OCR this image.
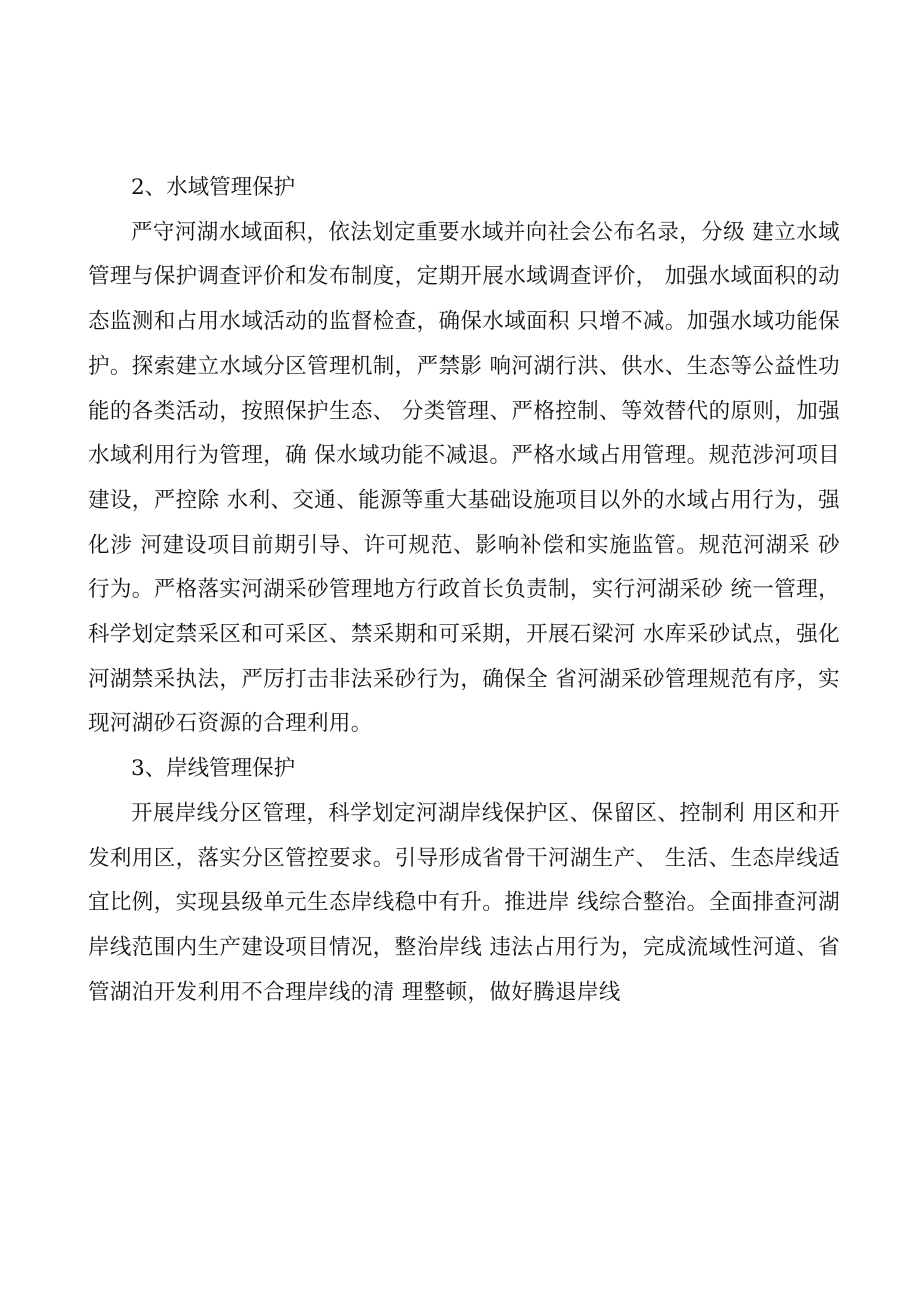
2、水域管理保护

严守河湖水域面积，依法划定重要水域并向社会公布名录，分级 建立水域管理与保护调查评价和发布制度，定期开展水域调查评价， 加强水域面积的动态监测和占用水域活动的监督检查，确保水域面积 只增不减。加强水域功能保护。探索建立水域分区管理机制，严禁影 响河湖行洪、供水、生态等公益性功能的各类活动，按照保护生态、 分类管理、严格控制、等效替代的原则，加强水域利用行为管理，确 保水域功能不减退。严格水域占用管理。规范涉河项目建设，严控除 水利、交通、能源等重大基础设施项目以外的水域占用行为，强化涉 河建设项目前期引导、许可规范、影响补偿和实施监管。规范河湖采 砂行为。严格落实河湖采砂管理地方行政首长负责制，实行河湖采砂 统一管理，科学划定禁采区和可采区、禁采期和可采期，开展石梁河 水库采砂试点，强化河湖禁采执法，严厉打击非法采砂行为，确保全 省河湖采砂管理规范有序，实现河湖砂石资源的合理利用。

3、岸线管理保护

开展岸线分区管理，科学划定河湖岸线保护区、保留区、控制利 用区和开发利用区，落实分区管控要求。引导形成省骨干河湖生产、 生活、生态岸线适宜比例，实现县级单元生态岸线稳中有升。推进岸 线综合整治。全面排查河湖岸线范围内生产建设项目情况，整治岸线 违法占用行为，完成流域性河道、省管湖泊开发利用不合理岸线的清 理整顿，做好腾退岸线
